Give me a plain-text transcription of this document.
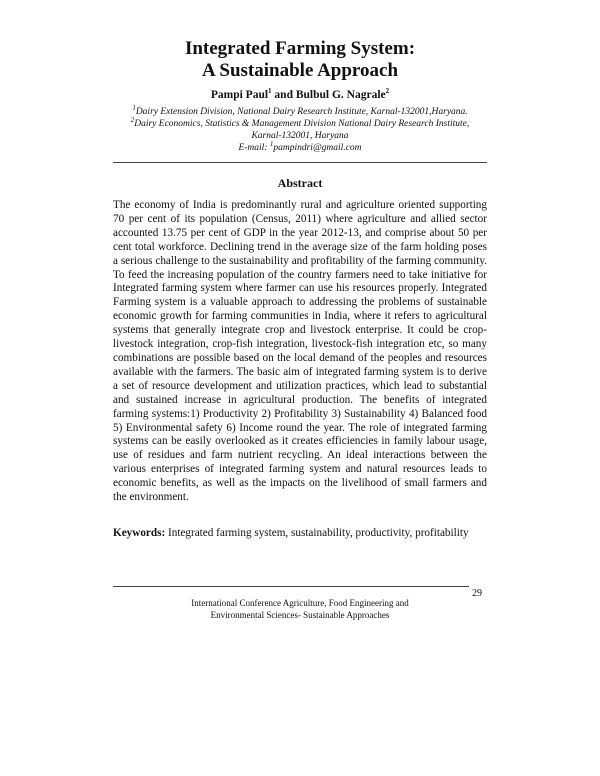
Integrated Farming System:
A Sustainable Approach
Pampi Paul$^1$ and Bulbul G. Nagrale$^2$
$^1$Dairy Extension Division, National Dairy Research Institute, Karnal-132001,Haryana.
$^2$Dairy Economics, Statistics & Management Division National Dairy Research Institute,
Karnal-132001, Haryana
E-mail: $^1$pampindri@gmail.com
Abstract

The economy of India is predominantly rural and agriculture oriented supporting 70 per cent of its population (Census, 2011) where agriculture and allied sector accounted 13.75 per cent of GDP in the year 2012-13, and comprise about 50 per cent total workforce. Declining trend in the average size of the farm holding poses a serious challenge to the sustainability and profitability of the farming community. To feed the increasing population of the country farmers need to take initiative for Integrated farming system where farmer can use his resources properly. Integrated Farming system is a valuable approach to addressing the problems of sustainable economic growth for farming communities in India, where it refers to agricultural systems that generally integrate crop and livestock enterprise. It could be crop-livestock integration, crop-fish integration, livestock-fish integration etc, so many combinations are possible based on the local demand of the peoples and resources available with the farmers. The basic aim of integrated farming system is to derive a set of resource development and utilization practices, which lead to substantial and sustained increase in agricultural production. The benefits of integrated farming systems:1) Productivity 2) Profitability 3) Sustainability 4) Balanced food 5) Environmental safety 6) Income round the year. The role of integrated farming systems can be easily overlooked as it creates efficiencies in family labour usage, use of residues and farm nutrient recycling. An ideal interactions between the various enterprises of integrated farming system and natural resources leads to economic benefits, as well as the impacts on the livelihood of small farmers and the environment.

Keywords: Integrated farming system, sustainability, productivity, profitability

29
International Conference Agriculture, Food Engineering and
Environmental Sciences- Sustainable Approaches
